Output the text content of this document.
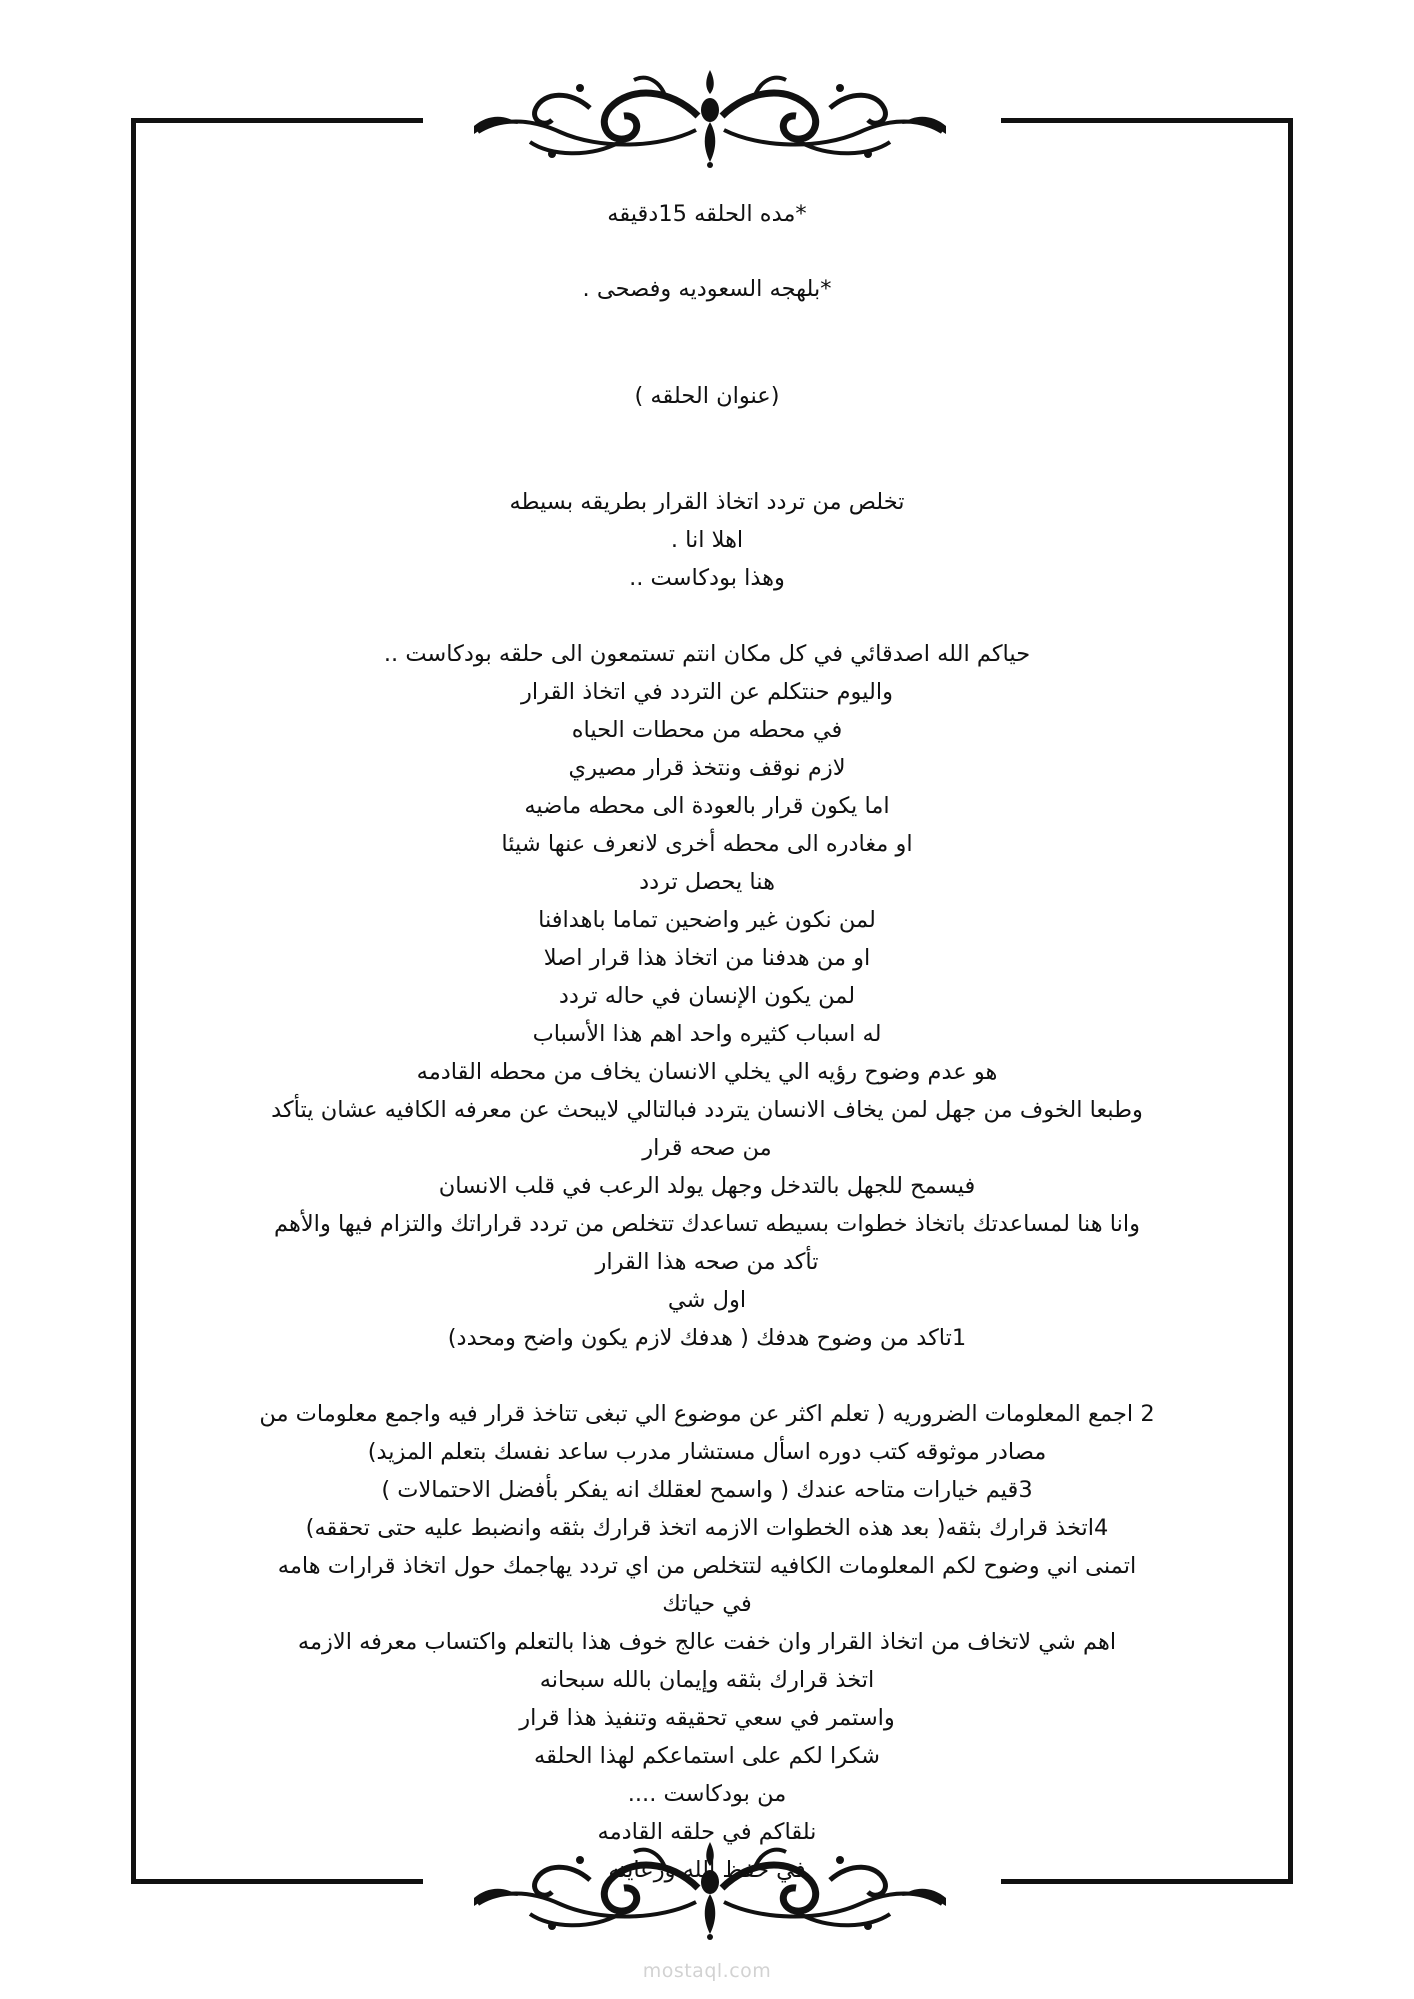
*مده الحلقه 15دقيقه
*بلهجه السعوديه وفصحى .
(عنوان الحلقه )
تخلص من تردد اتخاذ القرار بطريقه بسيطه
اهلا انا .
وهذا بودكاست ..
حياكم الله اصدقائي في كل مكان انتم تستمعون الى حلقه بودكاست ..
واليوم حنتكلم عن التردد في اتخاذ القرار
في محطه من محطات الحياه
لازم نوقف ونتخذ قرار مصيري
اما يكون قرار بالعودة الى محطه ماضيه
او مغادره الى محطه أخرى لانعرف عنها شيئا
هنا يحصل تردد
لمن نكون غير واضحين تماما باهدافنا
او من هدفنا من اتخاذ هذا قرار اصلا
لمن يكون الإنسان في حاله تردد
له اسباب كثيره واحد اهم هذا الأسباب
هو عدم وضوح رؤيه الي يخلي الانسان يخاف من محطه القادمه
وطبعا الخوف من جهل لمن يخاف الانسان يتردد فبالتالي لايبحث عن معرفه الكافيه عشان يتأكد
من صحه قرار
فيسمح للجهل بالتدخل وجهل يولد الرعب في قلب الانسان
وانا هنا لمساعدتك باتخاذ خطوات بسيطه تساعدك تتخلص من تردد قراراتك والتزام فيها والأهم
تأكد من صحه هذا القرار
اول شي
1تاكد من وضوح هدفك ( هدفك لازم يكون واضح ومحدد)
2 اجمع المعلومات الضروريه ( تعلم اكثر عن موضوع الي تبغى تتاخذ قرار فيه واجمع معلومات من
مصادر موثوقه كتب دوره اسأل مستشار مدرب ساعد نفسك بتعلم المزيد)
3قيم خيارات متاحه عندك ( واسمح لعقلك انه يفكر بأفضل الاحتمالات )
4اتخذ قرارك بثقه( بعد هذه الخطوات الازمه اتخذ قرارك بثقه وانضبط عليه حتى تحققه)
اتمنى اني وضوح لكم المعلومات الكافيه لتتخلص من اي تردد يهاجمك حول اتخاذ قرارات هامه
في حياتك
اهم شي لاتخاف من اتخاذ القرار وان خفت عالج خوف هذا بالتعلم واكتساب معرفه الازمه
اتخذ قرارك بثقه وإيمان بالله سبحانه
واستمر في سعي تحقيقه وتنفيذ هذا قرار
شكرا لكم على استماعكم لهذا الحلقه
من بودكاست ....
نلقاكم في حلقه القادمه
في حفظ الله ورعايته
mostaql.com
